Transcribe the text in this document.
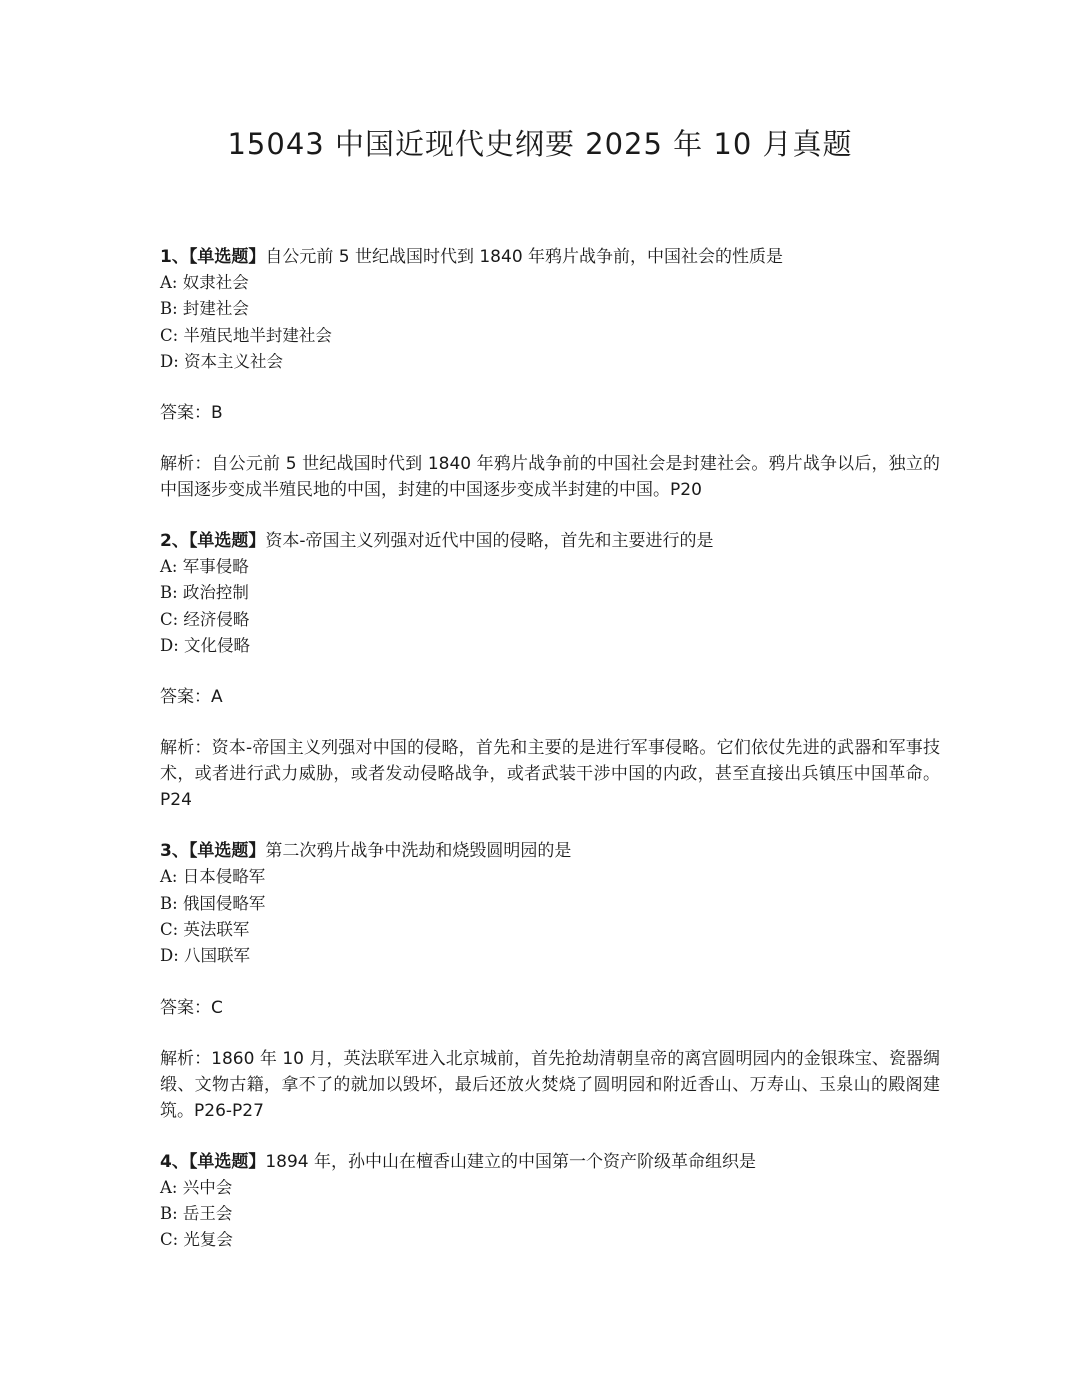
15043 中国近现代史纲要 2025 年 10 月真题
1、【单选题】自公元前 5 世纪战国时代到 1840 年鸦片战争前，中国社会的性质是
A: 奴隶社会
B: 封建社会
C: 半殖民地半封建社会
D: 资本主义社会
答案：B
解析：自公元前 5 世纪战国时代到 1840 年鸦片战争前的中国社会是封建社会。鸦片战争以后，独立的中国逐步变成半殖民地的中国，封建的中国逐步变成半封建的中国。P20
2、【单选题】资本-帝国主义列强对近代中国的侵略，首先和主要进行的是
A: 军事侵略
B: 政治控制
C: 经济侵略
D: 文化侵略
答案：A
解析：资本-帝国主义列强对中国的侵略，首先和主要的是进行军事侵略。它们依仗先进的武器和军事技术，或者进行武力威胁，或者发动侵略战争，或者武装干涉中国的内政，甚至直接出兵镇压中国革命。P24
3、【单选题】第二次鸦片战争中洗劫和烧毁圆明园的是
A: 日本侵略军
B: 俄国侵略军
C: 英法联军
D: 八国联军
答案：C
解析：1860 年 10 月，英法联军进入北京城前，首先抢劫清朝皇帝的离宫圆明园内的金银珠宝、瓷器绸缎、文物古籍，拿不了的就加以毁坏，最后还放火焚烧了圆明园和附近香山、万寿山、玉泉山的殿阁建筑。P26-P27
4、【单选题】1894 年，孙中山在檀香山建立的中国第一个资产阶级革命组织是
A: 兴中会
B: 岳王会
C: 光复会
